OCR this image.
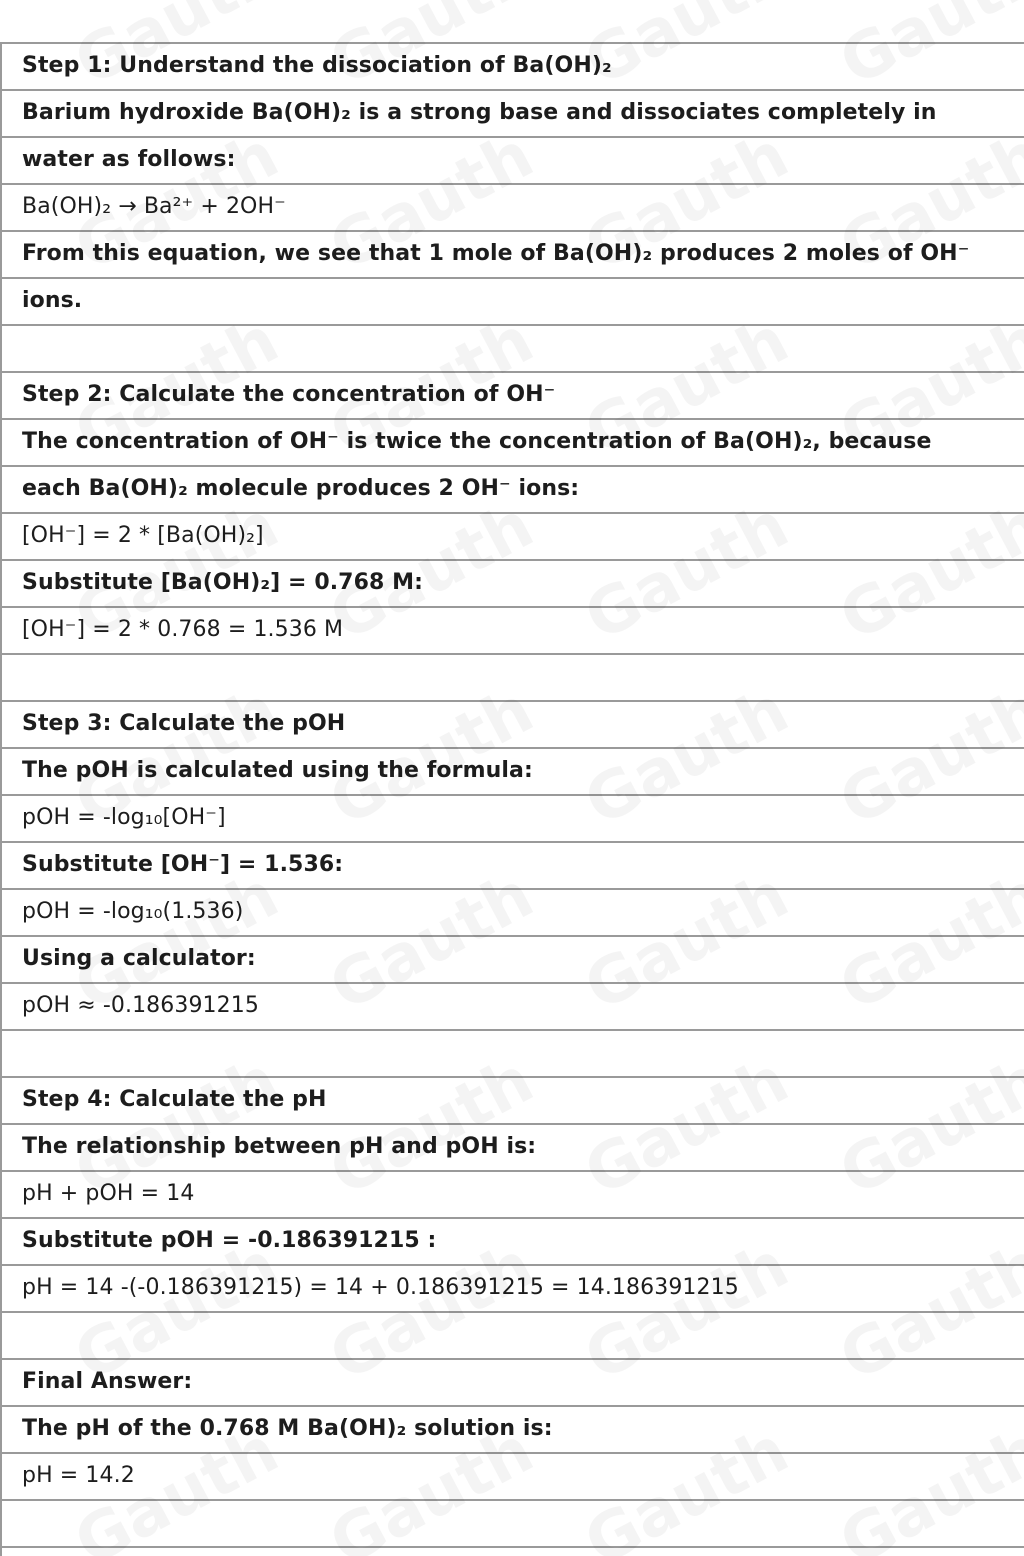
Step 1: Understand the dissociation of Ba(OH)₂
Barium hydroxide Ba(OH)₂ is a strong base and dissociates completely in
water as follows:
Ba(OH)₂ → Ba²⁺ + 2OH⁻
From this equation, we see that 1 mole of Ba(OH)₂ produces 2 moles of OH⁻
ions.
Step 2: Calculate the concentration of OH⁻
The concentration of OH⁻ is twice the concentration of Ba(OH)₂, because
each Ba(OH)₂ molecule produces 2 OH⁻ ions:
[OH⁻] = 2 * [Ba(OH)₂]
Substitute [Ba(OH)₂] = 0.768 M:
[OH⁻] = 2 * 0.768 = 1.536 M
Step 3: Calculate the pOH
The pOH is calculated using the formula:
pOH = -log₁₀[OH⁻]
Substitute [OH⁻] = 1.536:
pOH = -log₁₀(1.536)
Using a calculator:
pOH ≈ -0.186391215
Step 4: Calculate the pH
The relationship between pH and pOH is:
pH + pOH = 14
Substitute pOH = -0.186391215 :
pH = 14 -(-0.186391215) = 14 + 0.186391215 = 14.186391215
Final Answer:
The pH of the 0.768 M Ba(OH)₂ solution is:
pH = 14.2
